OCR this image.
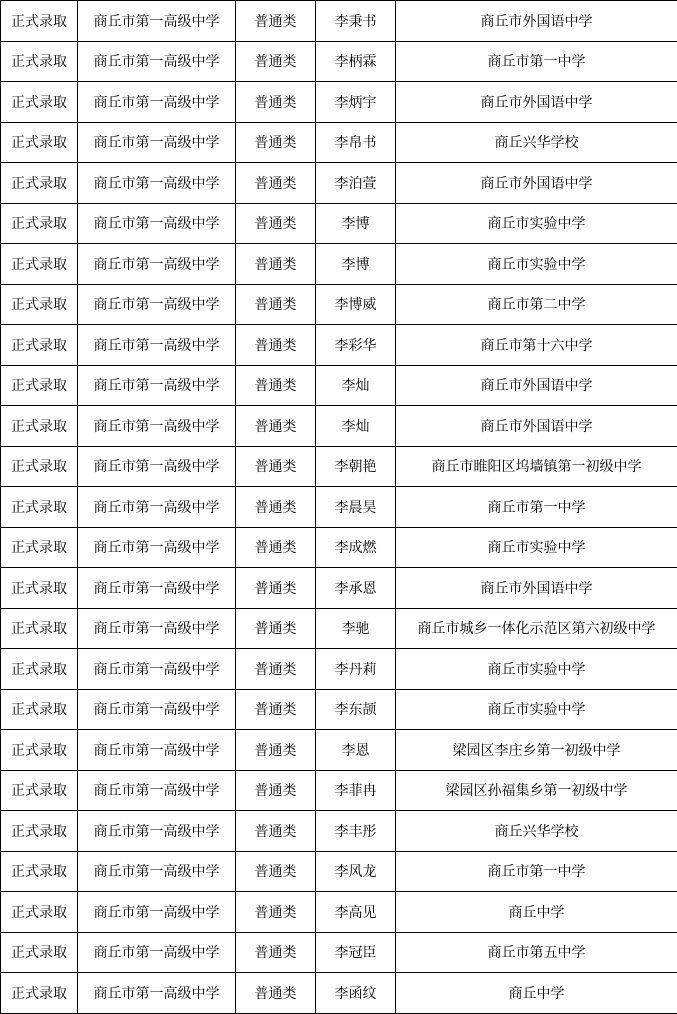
正式录取	商丘市第一高级中学	普通类	李秉书	商丘市外国语中学
正式录取	商丘市第一高级中学	普通类	李柄霖	商丘市第一中学
正式录取	商丘市第一高级中学	普通类	李炳宇	商丘市外国语中学
正式录取	商丘市第一高级中学	普通类	李帛书	商丘兴华学校
正式录取	商丘市第一高级中学	普通类	李泊萱	商丘市外国语中学
正式录取	商丘市第一高级中学	普通类	李博	商丘市实验中学
正式录取	商丘市第一高级中学	普通类	李博	商丘市实验中学
正式录取	商丘市第一高级中学	普通类	李博威	商丘市第二中学
正式录取	商丘市第一高级中学	普通类	李彩华	商丘市第十六中学
正式录取	商丘市第一高级中学	普通类	李灿	商丘市外国语中学
正式录取	商丘市第一高级中学	普通类	李灿	商丘市外国语中学
正式录取	商丘市第一高级中学	普通类	李朝艳	商丘市睢阳区坞墙镇第一初级中学
正式录取	商丘市第一高级中学	普通类	李晨昊	商丘市第一中学
正式录取	商丘市第一高级中学	普通类	李成燃	商丘市实验中学
正式录取	商丘市第一高级中学	普通类	李承恩	商丘市外国语中学
正式录取	商丘市第一高级中学	普通类	李驰	商丘市城乡一体化示范区第六初级中学
正式录取	商丘市第一高级中学	普通类	李丹莉	商丘市实验中学
正式录取	商丘市第一高级中学	普通类	李东颉	商丘市实验中学
正式录取	商丘市第一高级中学	普通类	李恩	梁园区李庄乡第一初级中学
正式录取	商丘市第一高级中学	普通类	李菲冉	梁园区孙福集乡第一初级中学
正式录取	商丘市第一高级中学	普通类	李丰彤	商丘兴华学校
正式录取	商丘市第一高级中学	普通类	李风龙	商丘市第一中学
正式录取	商丘市第一高级中学	普通类	李高见	商丘中学
正式录取	商丘市第一高级中学	普通类	李冠臣	商丘市第五中学
正式录取	商丘市第一高级中学	普通类	李函纹	商丘中学
